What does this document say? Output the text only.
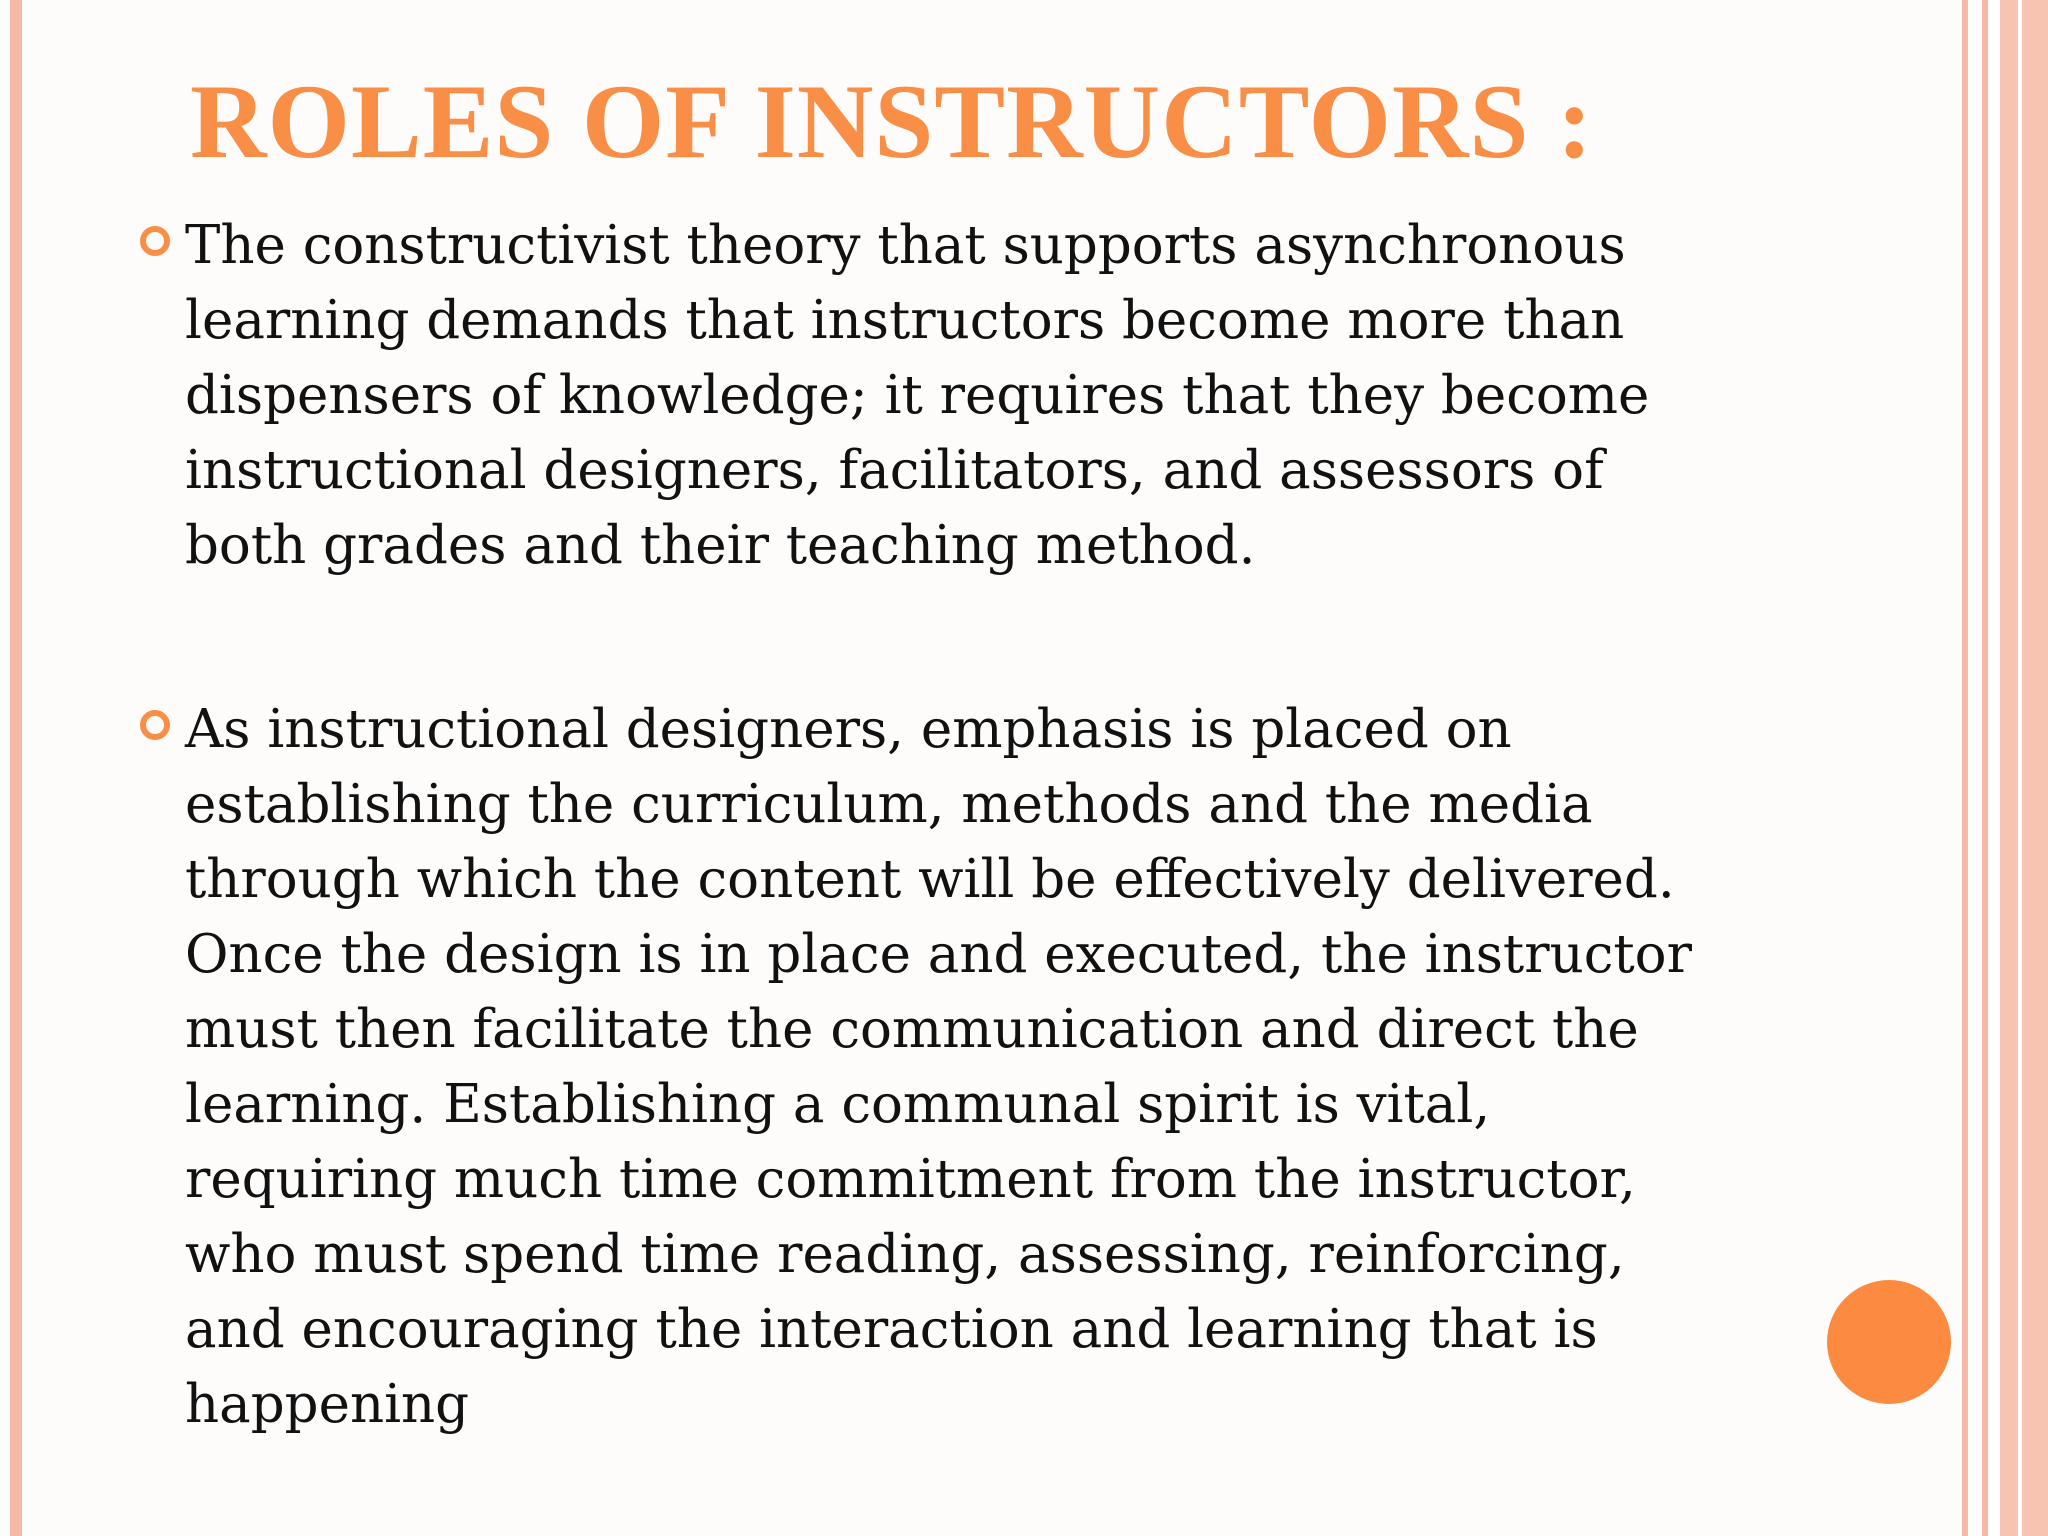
ROLES OF INSTRUCTORS :

The constructivist theory that supports asynchronous
learning demands that instructors become more than
dispensers of knowledge; it requires that they become
instructional designers, facilitators, and assessors of
both grades and their teaching method.

As instructional designers, emphasis is placed on
establishing the curriculum, methods and the media
through which the content will be effectively delivered.
Once the design is in place and executed, the instructor
must then facilitate the communication and direct the
learning. Establishing a communal spirit is vital,
requiring much time commitment from the instructor,
who must spend time reading, assessing, reinforcing,
and encouraging the interaction and learning that is
happening
